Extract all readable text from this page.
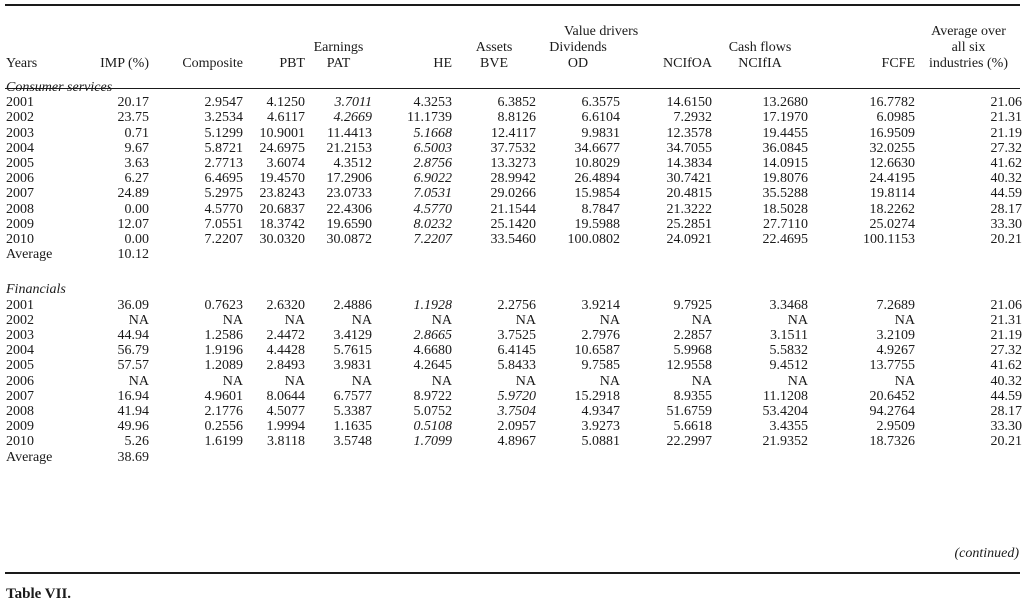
							Value drivers				Average over
				Earnings		Assets	Dividends		Cash flows		all six
Years	IMP (%)	Composite	PBT	PAT	HE	BVE	OD	NCIfOA	NCIfIA	FCFE	industries (%)

Consumer services											
2001	20.17	2.9547	4.1250	3.7011	4.3253	6.3852	6.3575	14.6150	13.2680	16.7782	21.06
2002	23.75	3.2534	4.6117	4.2669	11.1739	8.8126	6.6104	7.2932	17.1970	6.0985	21.31
2003	0.71	5.1299	10.9001	11.4413	5.1668	12.4117	9.9831	12.3578	19.4455	16.9509	21.19
2004	9.67	5.8721	24.6975	21.2153	6.5003	37.7532	34.6677	34.7055	36.0845	32.0255	27.32
2005	3.63	2.7713	3.6074	4.3512	2.8756	13.3273	10.8029	14.3834	14.0915	12.6630	41.62
2006	6.27	6.4695	19.4570	17.2906	6.9022	28.9942	26.4894	30.7421	19.8076	24.4195	40.32
2007	24.89	5.2975	23.8243	23.0733	7.0531	29.0266	15.9854	20.4815	35.5288	19.8114	44.59
2008	0.00	4.5770	20.6837	22.4306	4.5770	21.1544	8.7847	21.3222	18.5028	18.2262	28.17
2009	12.07	7.0551	18.3742	19.6590	8.0232	25.1420	19.5988	25.2851	27.7110	25.0274	33.30
2010	0.00	7.2207	30.0320	30.0872	7.2207	33.5460	100.0802	24.0921	22.4695	100.1153	20.21
Average	10.12										

Financials											
2001	36.09	0.7623	2.6320	2.4886	1.1928	2.2756	3.9214	9.7925	3.3468	7.2689	21.06
2002	NA	NA	NA	NA	NA	NA	NA	NA	NA	NA	21.31
2003	44.94	1.2586	2.4472	3.4129	2.8665	3.7525	2.7976	2.2857	3.1511	3.2109	21.19
2004	56.79	1.9196	4.4428	5.7615	4.6680	6.4145	10.6587	5.9968	5.5832	4.9267	27.32
2005	57.57	1.2089	2.8493	3.9831	4.2645	5.8433	9.7585	12.9558	9.4512	13.7755	41.62
2006	NA	NA	NA	NA	NA	NA	NA	NA	NA	NA	40.32
2007	16.94	4.9601	8.0644	6.7577	8.9722	5.9720	15.2918	8.9355	11.1208	20.6452	44.59
2008	41.94	2.1776	4.5077	5.3387	5.0752	3.7504	4.9347	51.6759	53.4204	94.2764	28.17
2009	49.96	0.2556	1.9994	1.1635	0.5108	2.0957	3.9273	5.6618	3.4355	2.9509	33.30
2010	5.26	1.6199	3.8118	3.5748	1.7099	4.8967	5.0881	22.2997	21.9352	18.7326	20.21
Average	38.69										
(continued)
Table VII.
